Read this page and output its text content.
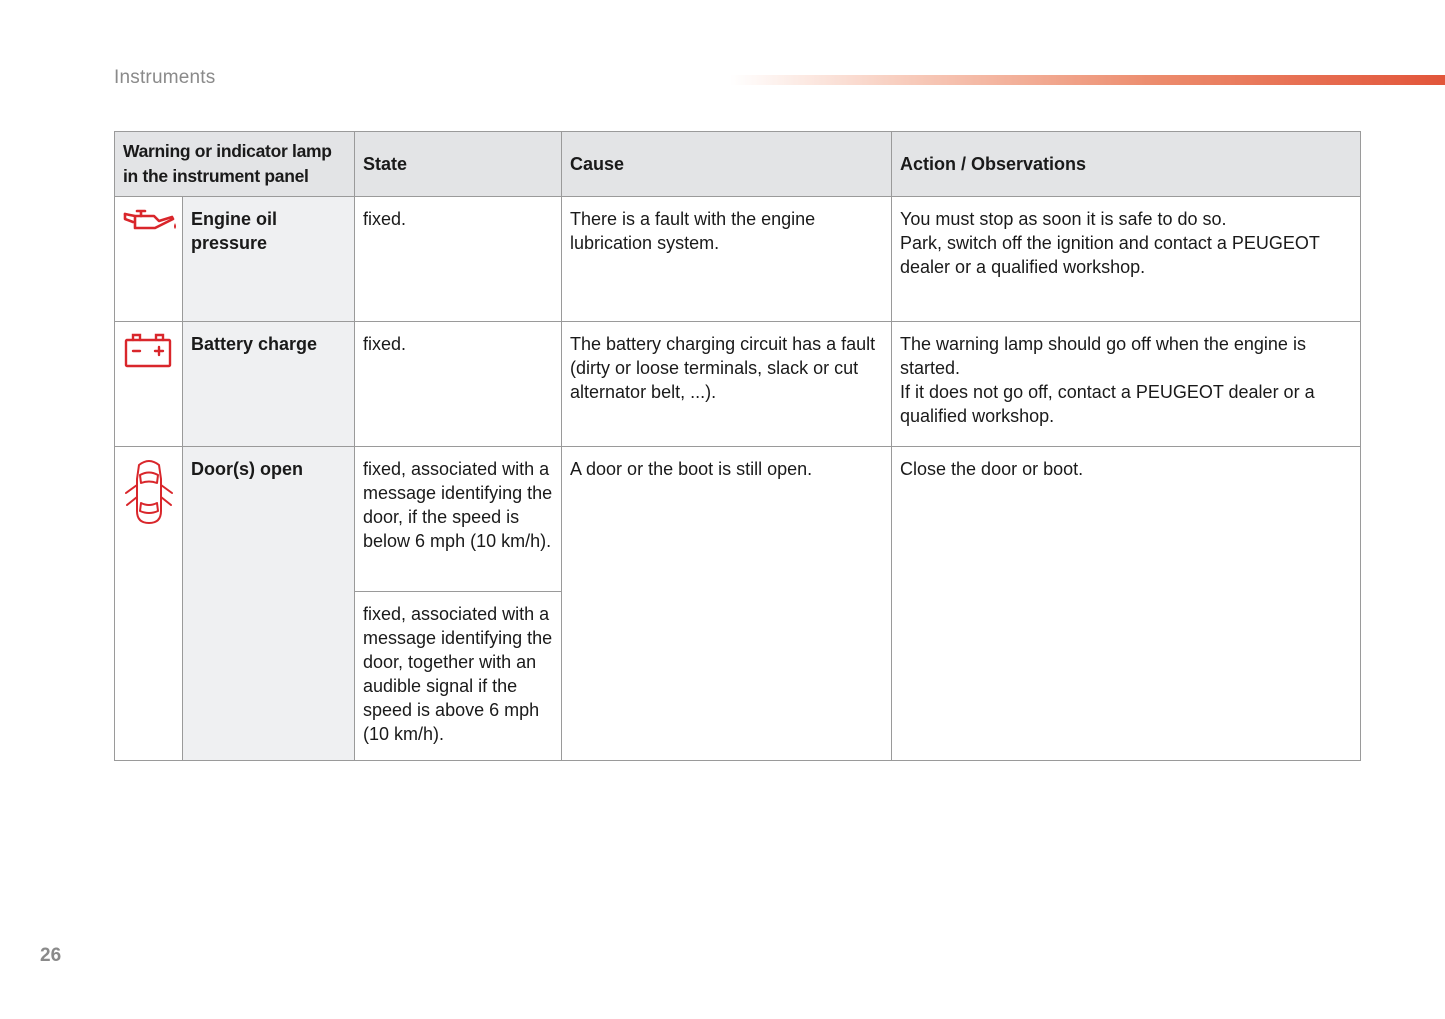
Instruments
Warning or indicator lamp in the instrument panel		State	Cause	Action / Observations
	Engine oil pressure	fixed.	There is a fault with the engine lubrication system.	You must stop as soon it is safe to do so.
Park, switch off the ignition and contact a PEUGEOT dealer or a qualified workshop.

	Battery charge	fixed.	The battery charging circuit has a fault (dirty or loose terminals, slack or cut alternator belt, ...).	The warning lamp should go off when the engine is started.
If it does not go off, contact a PEUGEOT dealer or a qualified workshop.

	Door(s) open	fixed, associated with a message identifying the door, if the speed is below 6 mph (10 km/h).	A door or the boot is still open.	Close the door or boot.
		fixed, associated with a message identifying the door, together with an audible signal if the speed is above 6 mph (10 km/h).		
26
